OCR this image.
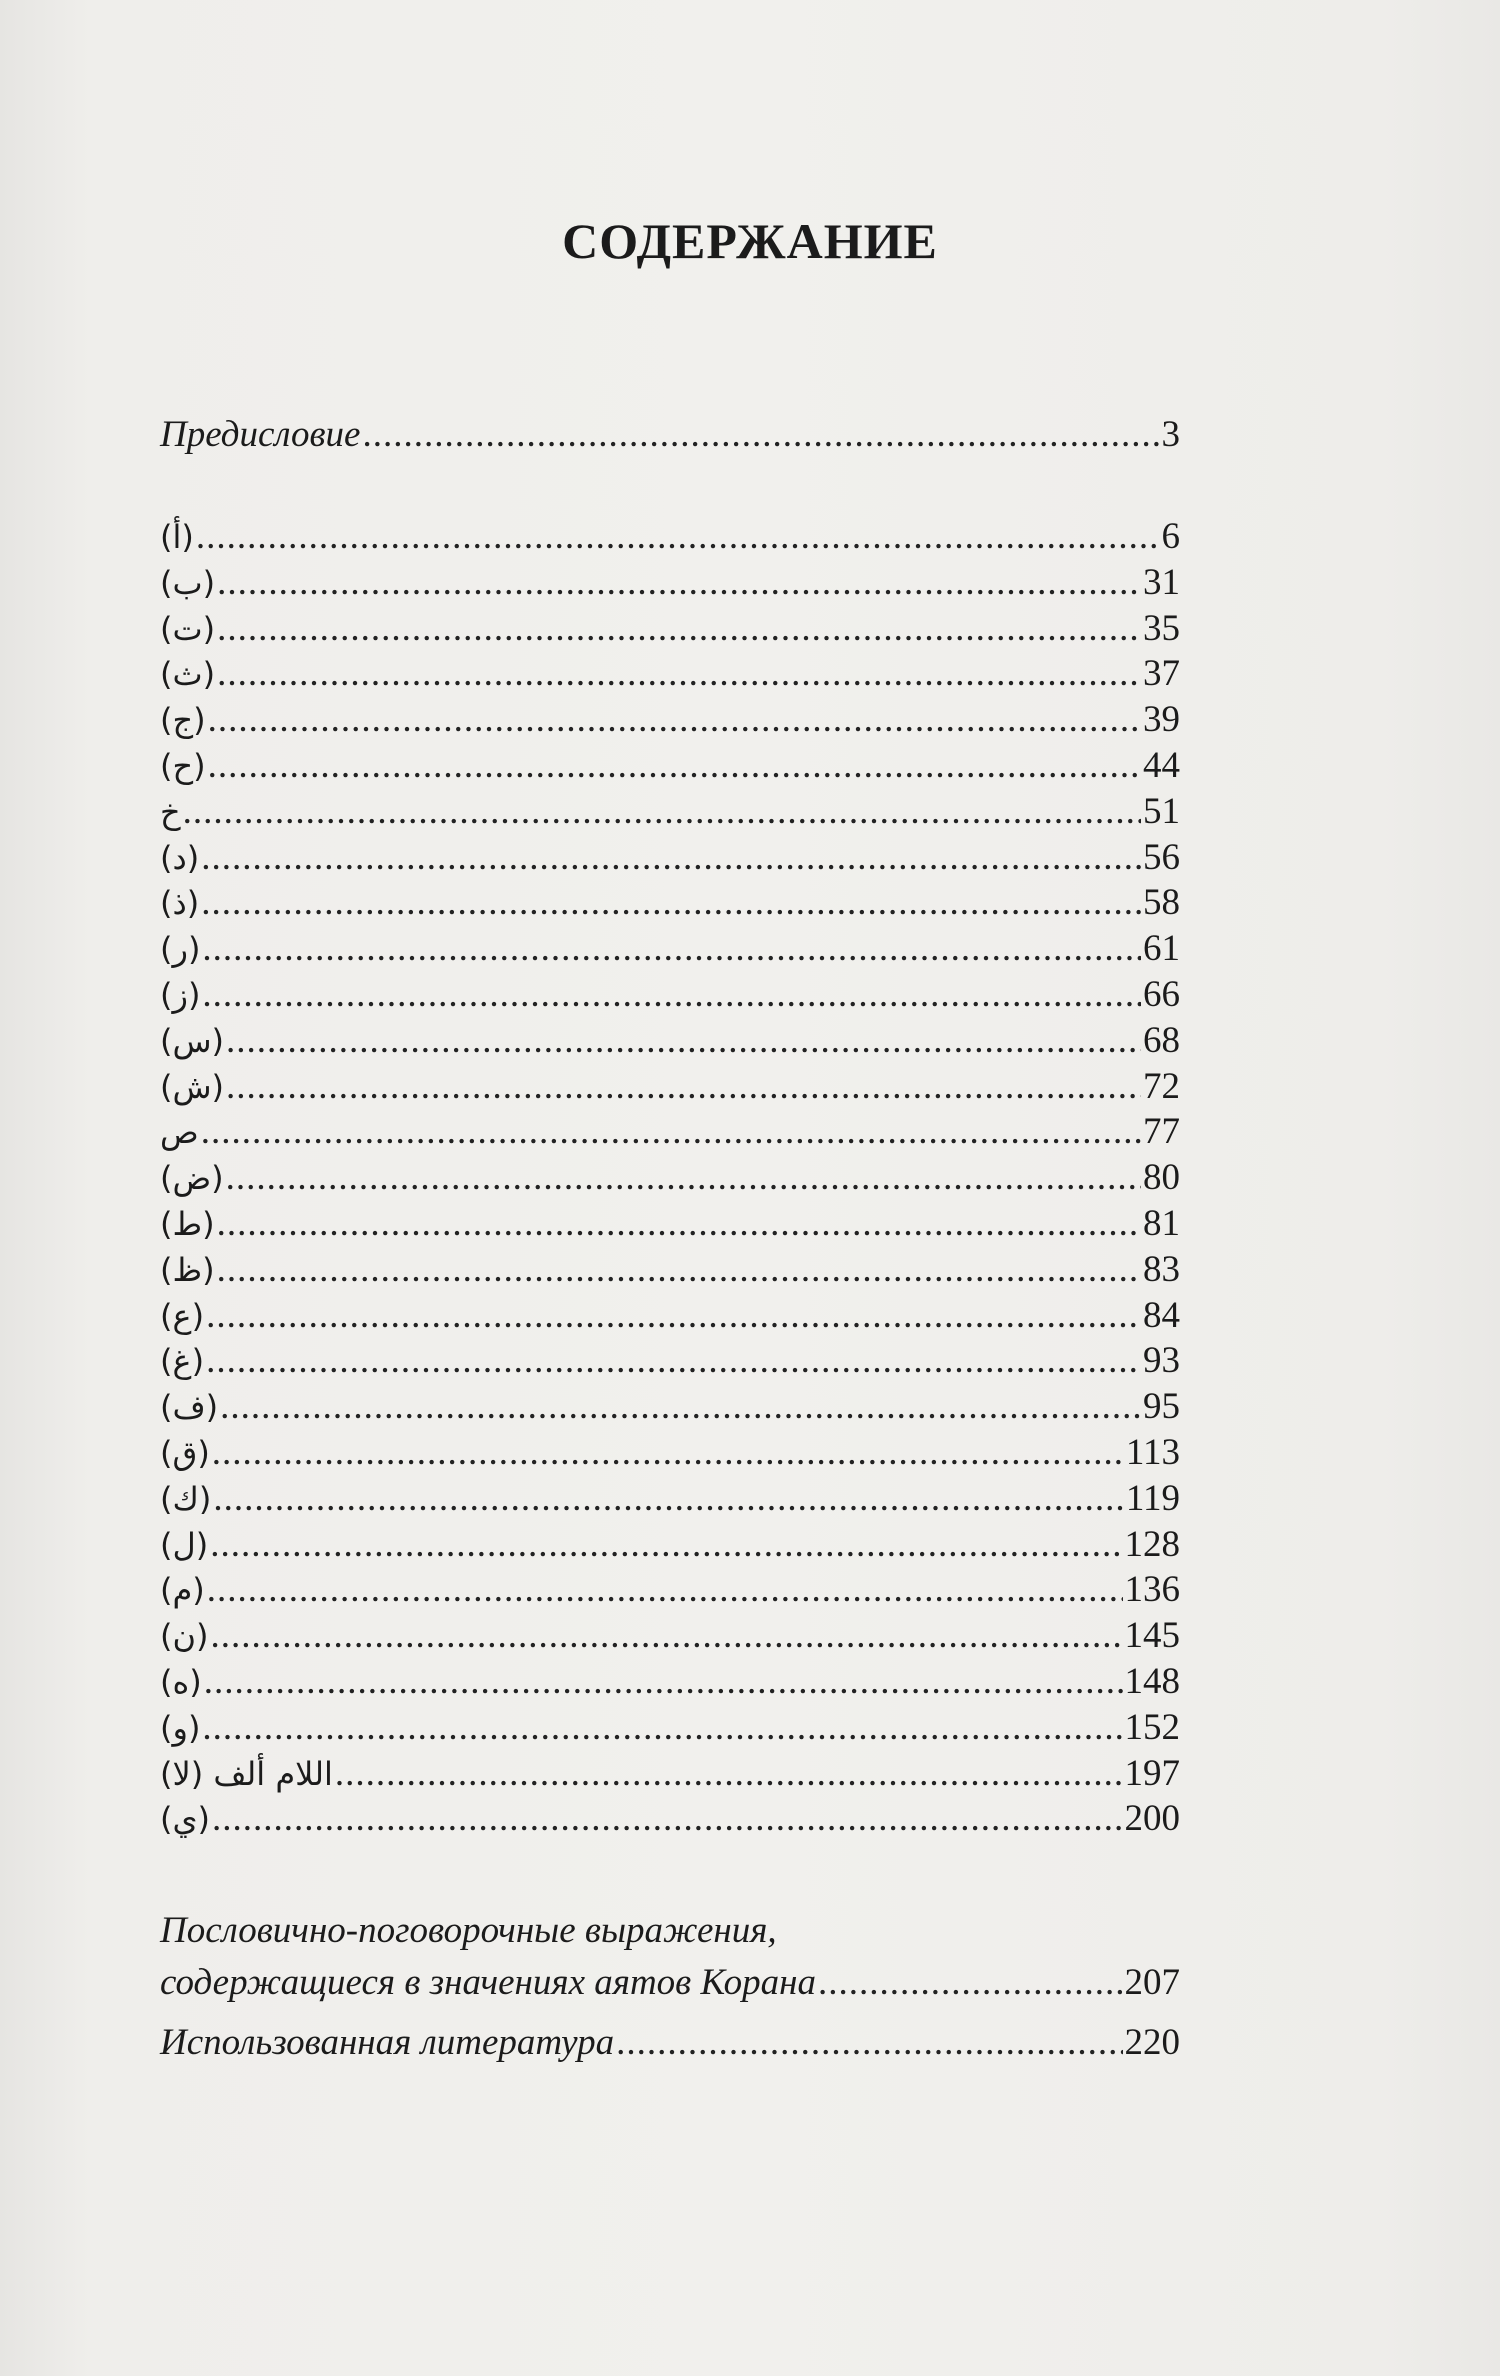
СОДЕРЖАНИЕ
Предисловие .....	3
(أ) .....	6
(ب) .....	31
(ت) .....	35
(ث) .....	37
(ج) .....	39
(ح) .....	44
خ .....	51
(د) .....	56
(ذ) .....	58
(ر) .....	61
(ز) .....	66
(س) .....	68
(ش) .....	72
ص .....	77
(ض) .....	80
(ط) .....	81
(ظ) .....	83
(ع) .....	84
(غ) .....	93
(ف) .....	95
(ق) .....	113
(ك) .....	119
(ل) .....	128
(م) .....	136
(ن) .....	145
(ه) .....	148
(و) .....	152
اللام ألف (لا) .....	197
(ي) .....	200
Пословично-поговорочные выражения,
содержащиеся в значениях аятов Корана .....	207
Использованная литература .....	220
